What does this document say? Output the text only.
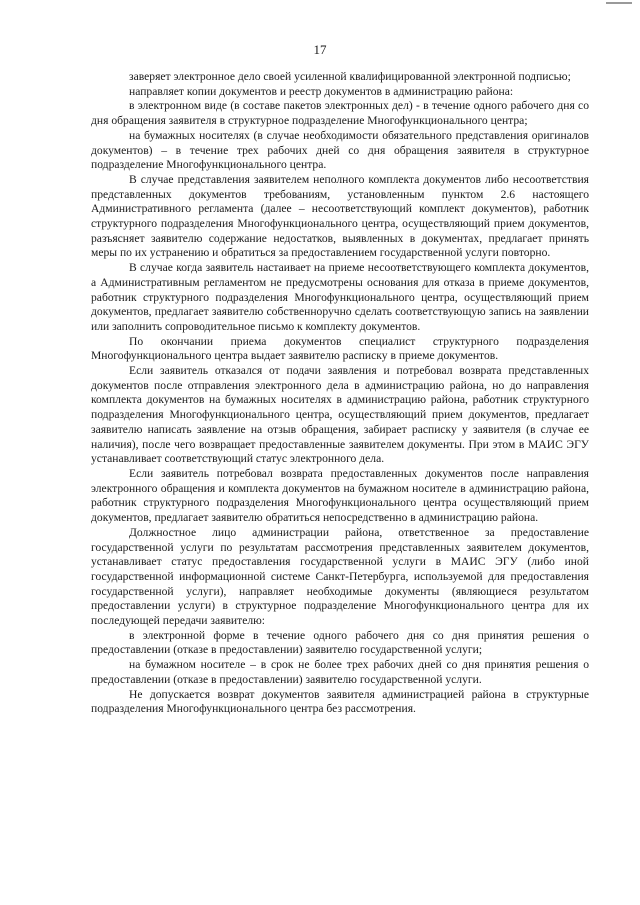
17

заверяет электронное дело своей усиленной квалифицированной электронной подписью;

направляет копии документов и реестр документов в администрацию района:

в электронном виде (в составе пакетов электронных дел) - в течение одного рабочего дня со дня обращения заявителя в структурное подразделение Многофункционального центра;

на бумажных носителях (в случае необходимости обязательного представления оригиналов документов) – в течение трех рабочих дней со дня обращения заявителя в структурное подразделение Многофункционального центра.

В случае представления заявителем неполного комплекта документов либо несоответствия представленных документов требованиям, установленным пунктом 2.6 настоящего Административного регламента (далее – несоответствующий комплект документов), работник структурного подразделения Многофункционального центра, осуществляющий прием документов, разъясняет заявителю содержание недостатков, выявленных в документах, предлагает принять меры по их устранению и обратиться за предоставлением государственной услуги повторно.

В случае когда заявитель настаивает на приеме несоответствующего комплекта документов, а Административным регламентом не предусмотрены основания для отказа в приеме документов, работник структурного подразделения Многофункционального центра, осуществляющий прием документов, предлагает заявителю собственноручно сделать соответствующую запись на заявлении или заполнить сопроводительное письмо к комплекту документов.

По окончании приема документов специалист структурного подразделения Многофункционального центра выдает заявителю расписку в приеме документов.

Если заявитель отказался от подачи заявления и потребовал возврата представленных документов после отправления электронного дела в администрацию района, но до направления комплекта документов на бумажных носителях в администрацию района, работник структурного подразделения Многофункционального центра, осуществляющий прием документов, предлагает заявителю написать заявление на отзыв обращения, забирает расписку у заявителя (в случае ее наличия), после чего возвращает предоставленные заявителем документы. При этом в МАИС ЭГУ устанавливает соответствующий статус электронного дела.

Если заявитель потребовал возврата предоставленных документов после направления электронного обращения и комплекта документов на бумажном носителе в администрацию района, работник структурного подразделения Многофункционального центра осуществляющий прием документов, предлагает заявителю обратиться непосредственно в администрацию района.

Должностное лицо администрации района, ответственное за предоставление государственной услуги по результатам рассмотрения представленных заявителем документов, устанавливает статус предоставления государственной услуги в МАИС ЭГУ (либо иной государственной информационной системе Санкт-Петербурга, используемой для предоставления государственной услуги), направляет необходимые документы (являющиеся результатом предоставлении услуги) в структурное подразделение Многофункционального центра для их последующей передачи заявителю:

в электронной форме в течение одного рабочего дня со дня принятия решения о предоставлении (отказе в предоставлении) заявителю государственной услуги;

на бумажном носителе – в срок не более трех рабочих дней со дня принятия решения о предоставлении (отказе в предоставлении) заявителю государственной услуги.

Не допускается возврат документов заявителя администрацией района в структурные подразделения Многофункционального центра без рассмотрения.
